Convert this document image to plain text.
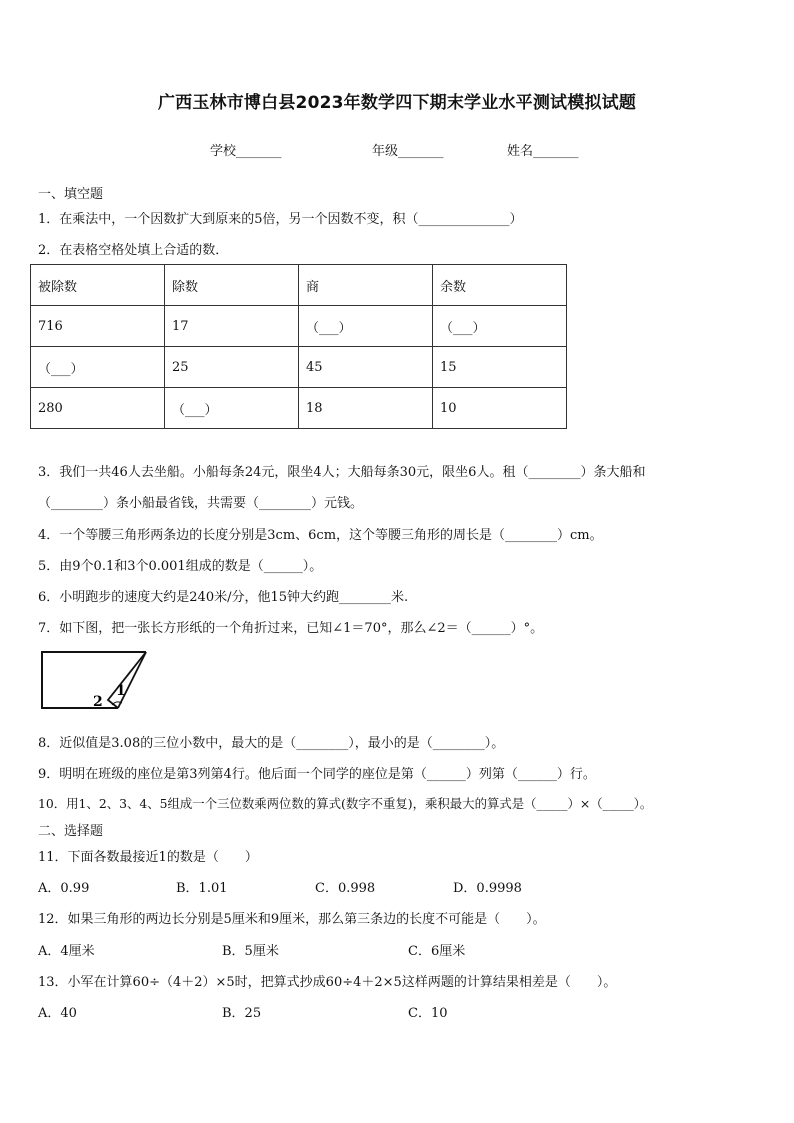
广西玉林市博白县2023年数学四下期末学业水平测试模拟试题
学校_______	年级_______	姓名_______
一、填空题
1．在乘法中，一个因数扩大到原来的5倍，另一个因数不变，积（______________）
2．在表格空格处填上合适的数．
被除数	除数	商	余数
716	17	（___）	（___）
（___）	25	45	15
280	（___）	18	10
3．我们一共46人去坐船。小船每条24元，限坐4人；大船每条30元，限坐6人。租（________）条大船和
（________）条小船最省钱，共需要（________）元钱。
4．一个等腰三角形两条边的长度分别是3cm、6cm，这个等腰三角形的周长是（________）cm。
5．由9个0.1和3个0.001组成的数是（______）。
6．小明跑步的速度大约是240米/分，他15钟大约跑________米.
7．如下图，把一张长方形纸的一个角折过来，已知∠1＝70°，那么∠2＝（______）°。
1
2
8．近似值是3.08的三位小数中，最大的是（________），最小的是（________）。
9．明明在班级的座位是第3列第4行。他后面一个同学的座位是第（______）列第（______）行。
10．用1、2、3、4、5组成一个三位数乘两位数的算式(数字不重复)，乘积最大的算式是（_____）×（_____）。
二、选择题
11．下面各数最接近1的数是（　　）
A．0.99	B．1.01	C．0.998	D．0.9998
12．如果三角形的两边长分别是5厘米和9厘米，那么第三条边的长度不可能是（　　）。
A．4厘米	B．5厘米	C．6厘米
13．小军在计算60÷（4＋2）×5时，把算式抄成60÷4＋2×5这样两题的计算结果相差是（　　）。
A．40	B．25	C．10
